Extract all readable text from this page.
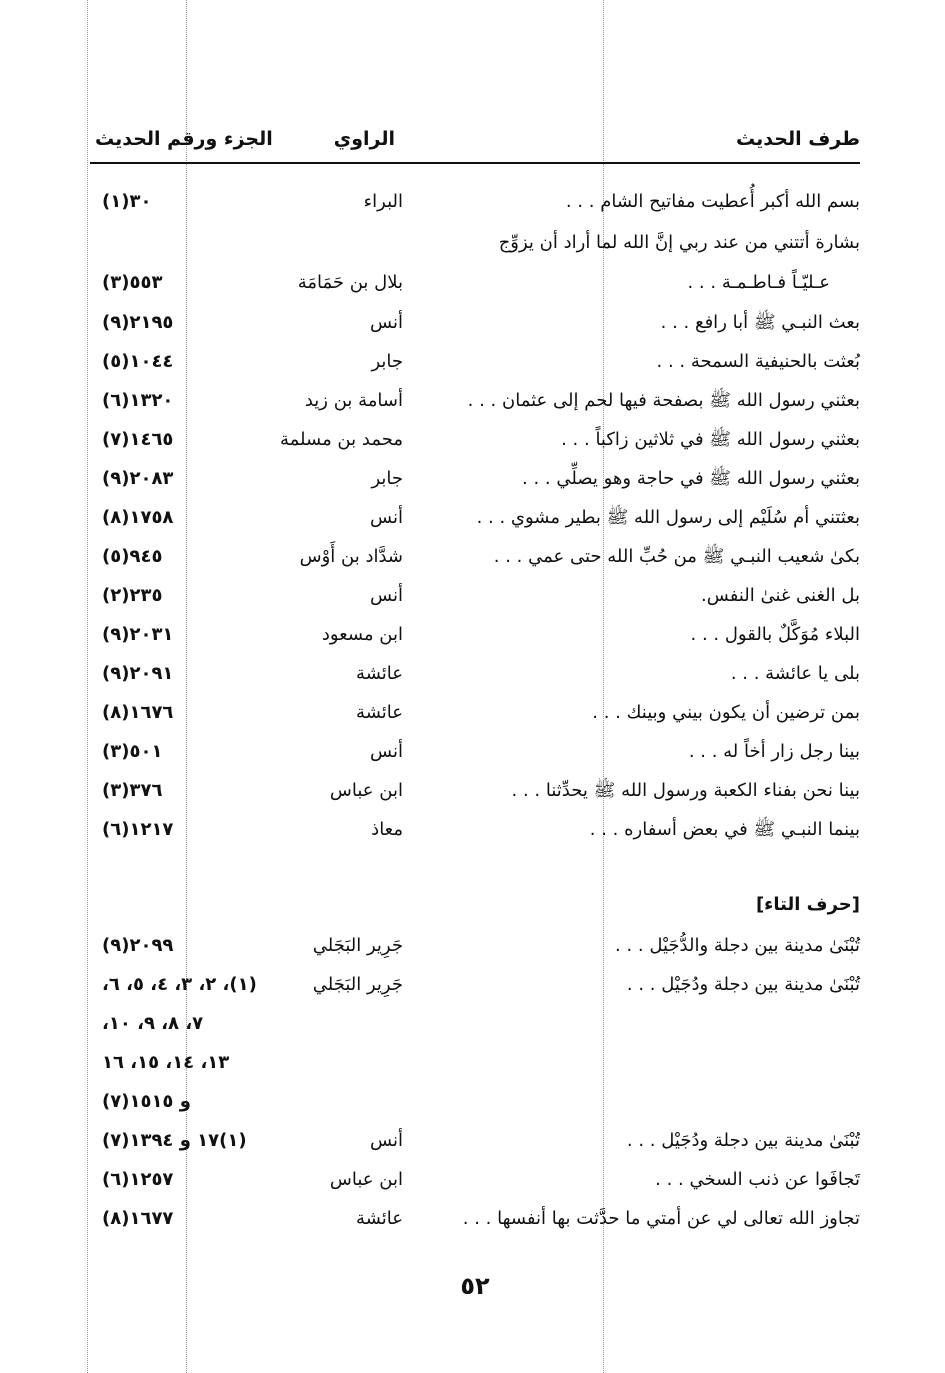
طرف الحديث
الراوي
الجزء ورقم الحديث
بسم الله أكبر أُعطيت مفاتيح الشام . . .
البراء
٣٠(١)
بشارة أتتني من عند ربي إنَّ الله لما أراد أن يزوِّج
عـليّـاً فـاطـمـة . . .
بلال بن حَمَامَة
٥٥٣(٣)
بعث النبـي ﷺ أبا رافع . . .
أنس
٢١٩٥(٩)
بُعثت بالحنيفية السمحة . . .
جابر
١٠٤٤(٥)
بعثني رسول الله ﷺ بصفحة فيها لحم إلى عثمان . . .
أسامة بن زيد
١٣٢٠(٦)
بعثني رسول الله ﷺ في ثلاثين زاكباً . . .
محمد بن مسلمة
١٤٦٥(٧)
بعثني رسول الله ﷺ في حاجة وهو يصلِّي . . .
جابر
٢٠٨٣(٩)
بعثتني أم سُلَيْم إلى رسول الله ﷺ بطير مشوي . . .
أنس
١٧٥٨(٨)
بكىٰ شعيب النبـي ﷺ من حُبِّ الله حتى عمي . . .
شدَّاد بن أَوْس
٩٤٥(٥)
بل الغنى غنىٰ النفس.
أنس
٢٣٥(٢)
البلاء مُوَكَّلٌ بالقول . . .
ابن مسعود
٢٠٣١(٩)
بلى يا عائشة . . .
عائشة
٢٠٩١(٩)
بمن ترضين أن يكون بيني وبينك . . .
عائشة
١٦٧٦(٨)
بينا رجل زار أخاً له . . .
أنس
٥٠١(٣)
بينا نحن بفناء الكعبة ورسول الله ﷺ يحدِّثنا . . .
ابن عباس
٣٧٦(٣)
بينما النبـي ﷺ في بعض أسفاره . . .
معاذ
١٢١٧(٦)
[حرف التاء]
تُبْنَىٰ مدينة بين دجلة والدُّجَيْل . . .
جَرِير البَجَلي
٢٠٩٩(٩)
تُبْنَىٰ مدينة بين دجلة ودُجَيْل . . .
جَرِير البَجَلي
(١)، ٢، ٣، ٤، ٥، ٦،
٧، ٨، ٩، ١٠،
١٣، ١٤، ١٥، ١٦
و ١٥١٥(٧)
تُبْنَىٰ مدينة بين دجلة ودُجَيْل . . .
أنس
(١)١٧ و ١٣٩٤(٧)
تَجافَوا عن ذنب السخي . . .
ابن عباس
١٢٥٧(٦)
تجاوز الله تعالى لي عن أمتي ما حدَّثت بها أنفسها . . .
عائشة
١٦٧٧(٨)
٥٢
